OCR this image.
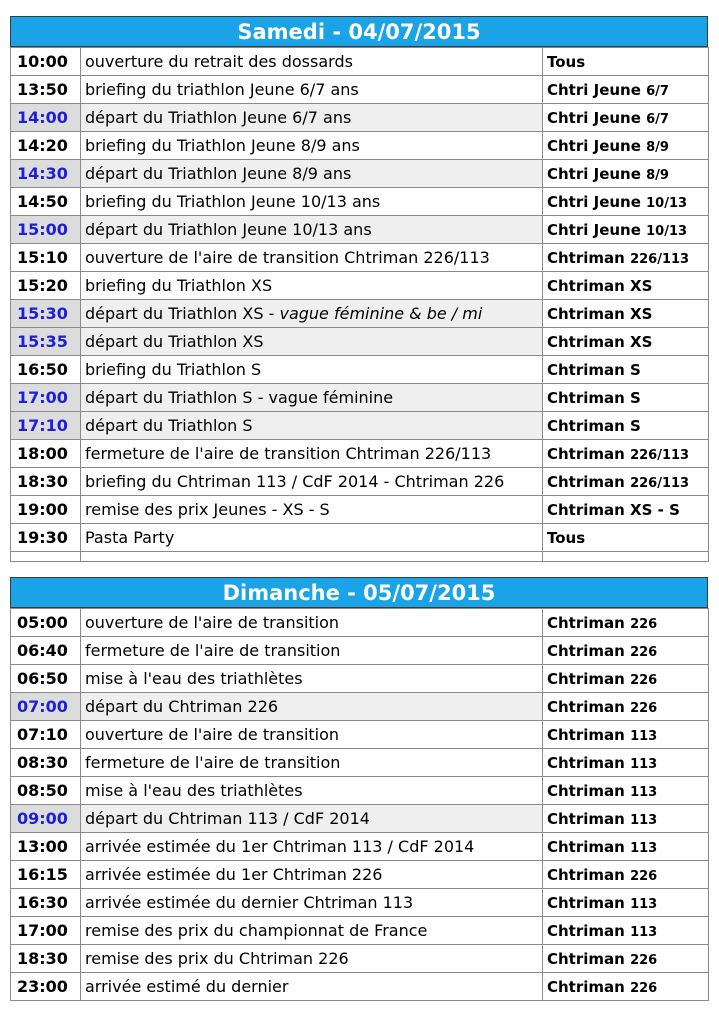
Samedi - 04/07/2015
10:00	ouverture du retrait des dossards	Tous
13:50	briefing du triathlon Jeune 6/7 ans	Chtri Jeune 6/7
14:00	départ du Triathlon Jeune 6/7 ans	Chtri Jeune 6/7
14:20	briefing du Triathlon Jeune 8/9 ans	Chtri Jeune 8/9
14:30	départ du Triathlon Jeune 8/9 ans	Chtri Jeune 8/9
14:50	briefing du Triathlon Jeune 10/13 ans	Chtri Jeune 10/13
15:00	départ du Triathlon Jeune 10/13 ans	Chtri Jeune 10/13
15:10	ouverture de l'aire de transition Chtriman 226/113	Chtriman 226/113
15:20	briefing du Triathlon XS	Chtriman XS
15:30	départ du Triathlon XS - vague féminine & be / mi	Chtriman XS
15:35	départ du Triathlon XS	Chtriman XS
16:50	briefing du Triathlon S	Chtriman S
17:00	départ du Triathlon S - vague féminine	Chtriman S
17:10	départ du Triathlon S	Chtriman S
18:00	fermeture de l'aire de transition Chtriman 226/113	Chtriman 226/113
18:30	briefing du Chtriman 113 / CdF 2014 - Chtriman 226	Chtriman 226/113
19:00	remise des prix Jeunes - XS - S	Chtriman XS - S
19:30	Pasta Party	Tous

Dimanche - 05/07/2015
05:00	ouverture de l'aire de transition	Chtriman 226
06:40	fermeture de l'aire de transition	Chtriman 226
06:50	mise à l'eau des triathlètes	Chtriman 226
07:00	départ du Chtriman 226	Chtriman 226
07:10	ouverture de l'aire de transition	Chtriman 113
08:30	fermeture de l'aire de transition	Chtriman 113
08:50	mise à l'eau des triathlètes	Chtriman 113
09:00	départ du Chtriman 113 / CdF 2014	Chtriman 113
13:00	arrivée estimée du 1er Chtriman 113 / CdF 2014	Chtriman 113
16:15	arrivée estimée du 1er Chtriman 226	Chtriman 226
16:30	arrivée estimée du dernier Chtriman 113	Chtriman 113
17:00	remise des prix du championnat de France	Chtriman 113
18:30	remise des prix du Chtriman 226	Chtriman 226
23:00	arrivée estimé du dernier	Chtriman 226
